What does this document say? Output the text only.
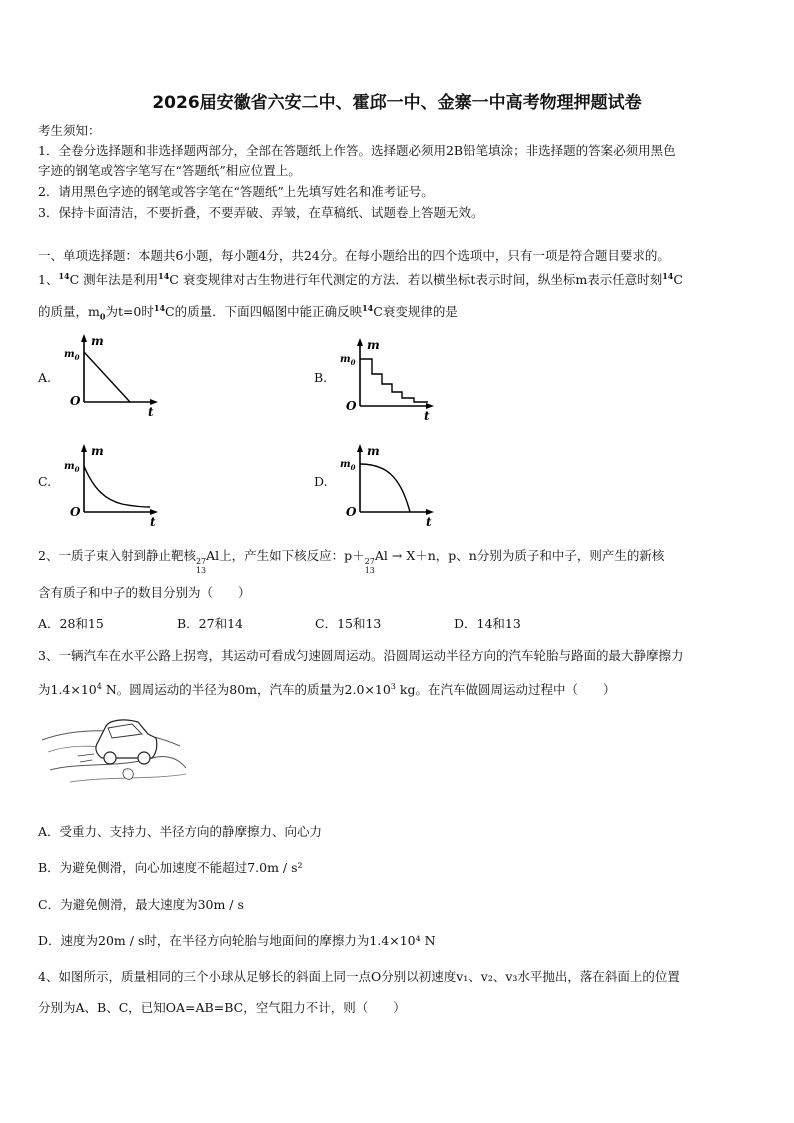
2026届安徽省六安二中、霍邱一中、金寨一中高考物理押题试卷
考生须知：
1．全卷分选择题和非选择题两部分，全部在答题纸上作答。选择题必须用2B铅笔填涂；非选择题的答案必须用黑色
字迹的钢笔或答字笔写在“答题纸”相应位置上。
2．请用黑色字迹的钢笔或答字笔在“答题纸”上先填写姓名和准考证号。
3．保持卡面清洁，不要折叠，不要弄破、弄皱，在草稿纸、试题卷上答题无效。
一、单项选择题：本题共6小题，每小题4分，共24分。在每小题给出的四个选项中，只有一项是符合题目要求的。
1、$^{14}$C 测年法是利用$^{14}$C 衰变规律对古生物进行年代测定的方法．若以横坐标t表示时间，纵坐标m表示任意时刻$^{14}$C
的质量，$m_0$为t=0时$^{14}$C的质量．下面四幅图中能正确反映$^{14}$C衰变规律的是
A.
m
$m_0$
O
t
B.
m
$m_0$
O
t
C.
m
$m_0$
O
t
D.
m
$m_0$
O
t
2、一质子束入射到静止靶核 27
13
Al上，产生如下核反应：p＋ 27
13
Al → X＋n，p、n分别为质子和中子，则产生的新核
含有质子和中子的数目分别为（　　）
A．28和15	B．27和14	C．15和13	D．14和13
3、一辆汽车在水平公路上拐弯，其运动可看成匀速圆周运动。沿圆周运动半径方向的汽车轮胎与路面的最大静摩擦力
为$1.4\times 10^4$ N。圆周运动的半径为80m，汽车的质量为$2.0\times 10^3$ kg。在汽车做圆周运动过程中（　　）
A．受重力、支持力、半径方向的静摩擦力、向心力
B．为避免侧滑，向心加速度不能超过7.0m / s²
C．为避免侧滑，最大速度为30m / s
D．速度为20m / s时，在半径方向轮胎与地面间的摩擦力为1.4×10⁴ N
4、如图所示，质量相同的三个小球从足够长的斜面上同一点O分别以初速度v₁、v₂、v₃水平抛出，落在斜面上的位置
分别为A、B、C，已知OA=AB=BC，空气阻力不计，则（　　）
